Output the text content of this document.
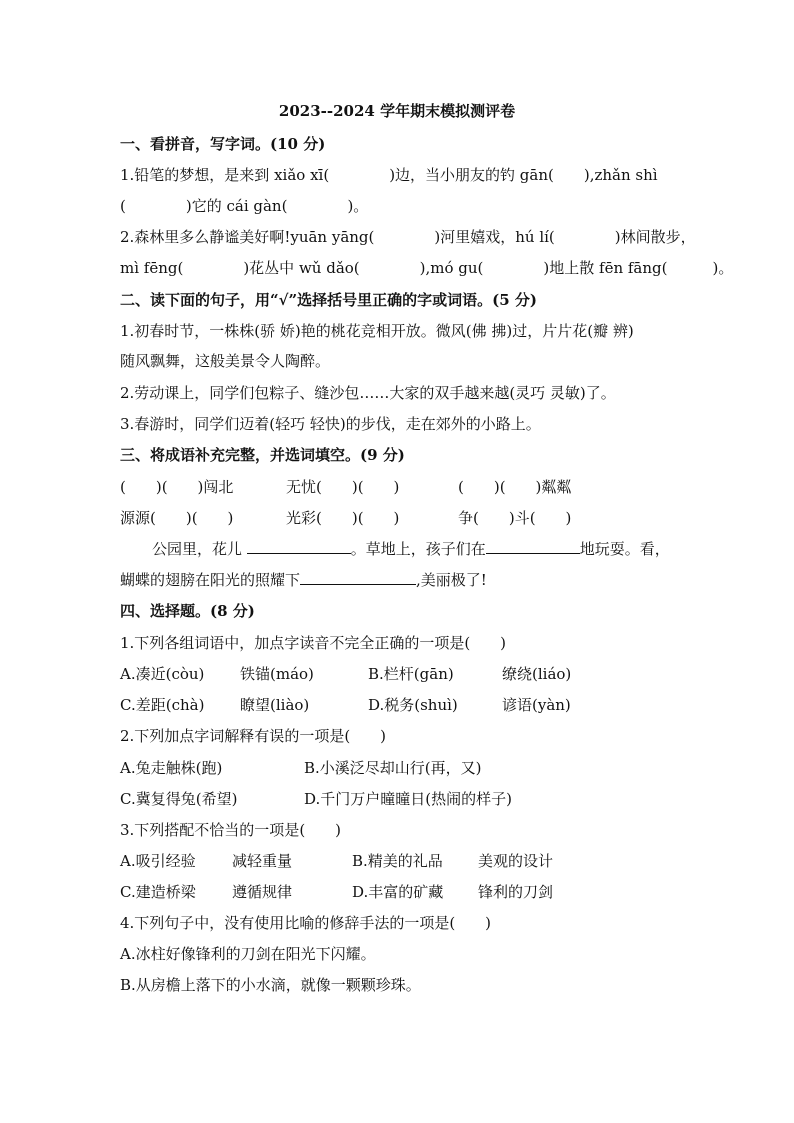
2023--2024 学年期末模拟测评卷
一、看拼音，写字词。(10 分)
1.铅笔的梦想，是来到 xiǎo xī(　　　　)边，当小朋友的钓 gān(　　),zhǎn shì
(　　　　)它的 cái gàn(　　　　)。
2.森林里多么静谧美好啊!yuān yāng(　　　　)河里嬉戏，hú lí(　　　　)林间散步，
mì fēng(　　　　)花丛中 wǔ dǎo(　　　　),mó gu(　　　　)地上散 fēn fāng(　　　)。
二、读下面的句子，用“√”选择括号里正确的字或词语。(5 分)
1.初春时节，一株株(骄 娇)艳的桃花竞相开放。微风(佛 拂)过，片片花(瓣 辨)
随风飘舞，这般美景令人陶醉。
2.劳动课上，同学们包粽子、缝沙包……大家的双手越来越(灵巧 灵敏)了。
3.春游时，同学们迈着(轻巧 轻快)的步伐，走在郊外的小路上。
三、将成语补充完整，并选词填空。(9 分)
(　　)(　　)闯北	无忧(　　)(　　)	(　　)(　　)粼粼
源源(　　)(　　)	光彩(　　)(　　)	争(　　)斗(　　)
公园里，花儿	。草地上，孩子们在	地玩耍。看，
蝴蝶的翅膀在阳光的照耀下	,美丽极了!
四、选择题。(8 分)
1.下列各组词语中，加点字读音不完全正确的一项是(　　)
A.凑近(còu) 铁锚(máo)	B.栏杆(gān)	缭绕(liáo)
C.差距(chà) 瞭望(liào)	D.税务(shuì)	谚语(yàn)
2.下列加点字词解释有误的一项是(　　)
A.兔走触株(跑)	B.小溪泛尽却山行(再，又)
C.冀复得兔(希望)	D.千门万户曈曈日(热闹的样子)
3.下列搭配不恰当的一项是(　　)
A.吸引经验 减轻重量	B.精美的礼品 美观的设计
C.建造桥梁 遵循规律	D.丰富的矿藏 锋利的刀剑
4.下列句子中，没有使用比喻的修辞手法的一项是(　　)
A.冰柱好像锋利的刀剑在阳光下闪耀。
B.从房檐上落下的小水滴，就像一颗颗珍珠。
